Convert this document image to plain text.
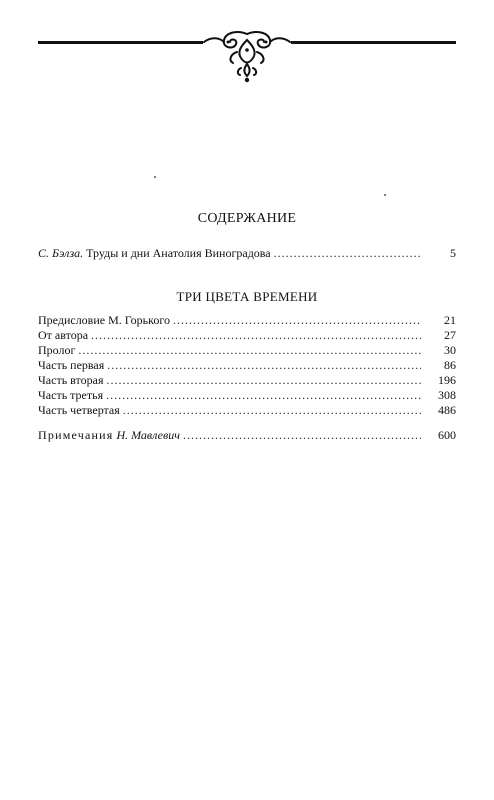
СОДЕРЖАНИЕ
С. Бэлза. Труды и дни Анатолия Виноградова .....	5
ТРИ ЦВЕТА ВРЕМЕНИ
Предисловие М. Горького .....	21
От автора .....	27
Пролог .....	30
Часть первая .....	86
Часть вторая .....	196
Часть третья .....	308
Часть четвертая .....	486
Примечания Н. Мавлевич .....	600
